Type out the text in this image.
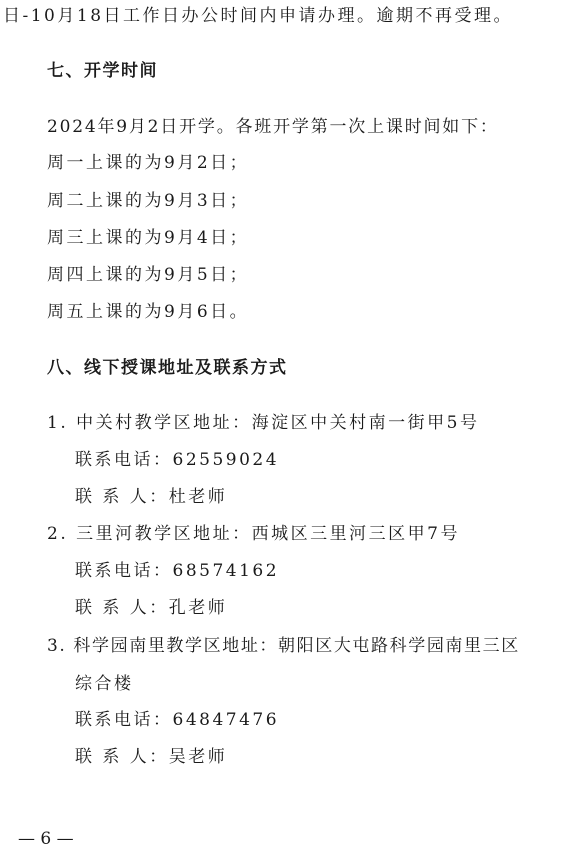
日-10月18日工作日办公时间内申请办理。逾期不再受理。
七、开学时间
2024年9月2日开学。各班开学第一次上课时间如下：
周一上课的为9月2日；
周二上课的为9月3日；
周三上课的为9月4日；
周四上课的为9月5日；
周五上课的为9月6日。
八、线下授课地址及联系方式
1. 中关村教学区地址：海淀区中关村南一街甲5号
联系电话：62559024
联 系 人：杜老师
2. 三里河教学区地址：西城区三里河三区甲7号
联系电话：68574162
联 系 人：孔老师
3. 科学园南里教学区地址：朝阳区大屯路科学园南里三区
综合楼
联系电话：64847476
联 系 人：吴老师
— 6 —
